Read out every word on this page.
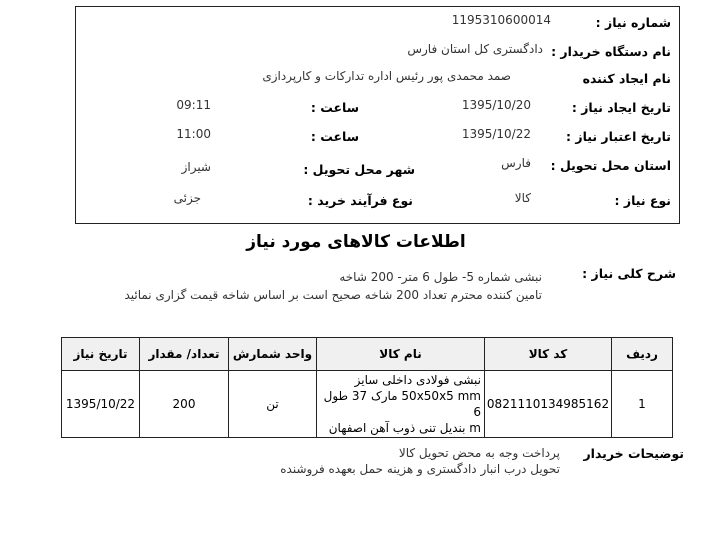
شماره نیاز :
1195310600014
نام دستگاه خریدار :
دادگستری کل استان فارس
نام ایجاد کننده
صمد محمدی پور رئیس اداره تدارکات و کارپردازی
تاریخ ایجاد نیاز :
1395/10/20
ساعت :
09:11
تاریخ اعتبار نیاز :
1395/10/22
ساعت :
11:00
استان محل تحویل :
فارس
شهر محل تحویل :
شیراز
نوع نیاز :
کالا
نوع فرآیند خرید :
جزئی
اطلاعات کالاهای مورد نیاز
شرح کلی نیاز :
نبشی شماره 5- طول 6 متر- 200 شاخه
تامین کننده محترم تعداد 200 شاخه صحیح است بر اساس شاخه قیمت گزاری نمائید
ردیف	کد کالا	نام کالا	واحد شمارش	تعداد/ مقدار	تاریخ نیاز
1	0821110134985162	نبشی فولادی داخلی سایز
50x50x5 mm مارک 37 طول 6
m بندیل تنی ذوب آهن اصفهان	تن	200	1395/10/22
توضیحات خریدار
پرداخت وجه به محض تحویل کالا
تحویل درب انبار دادگستری و هزینه حمل بعهده فروشنده
